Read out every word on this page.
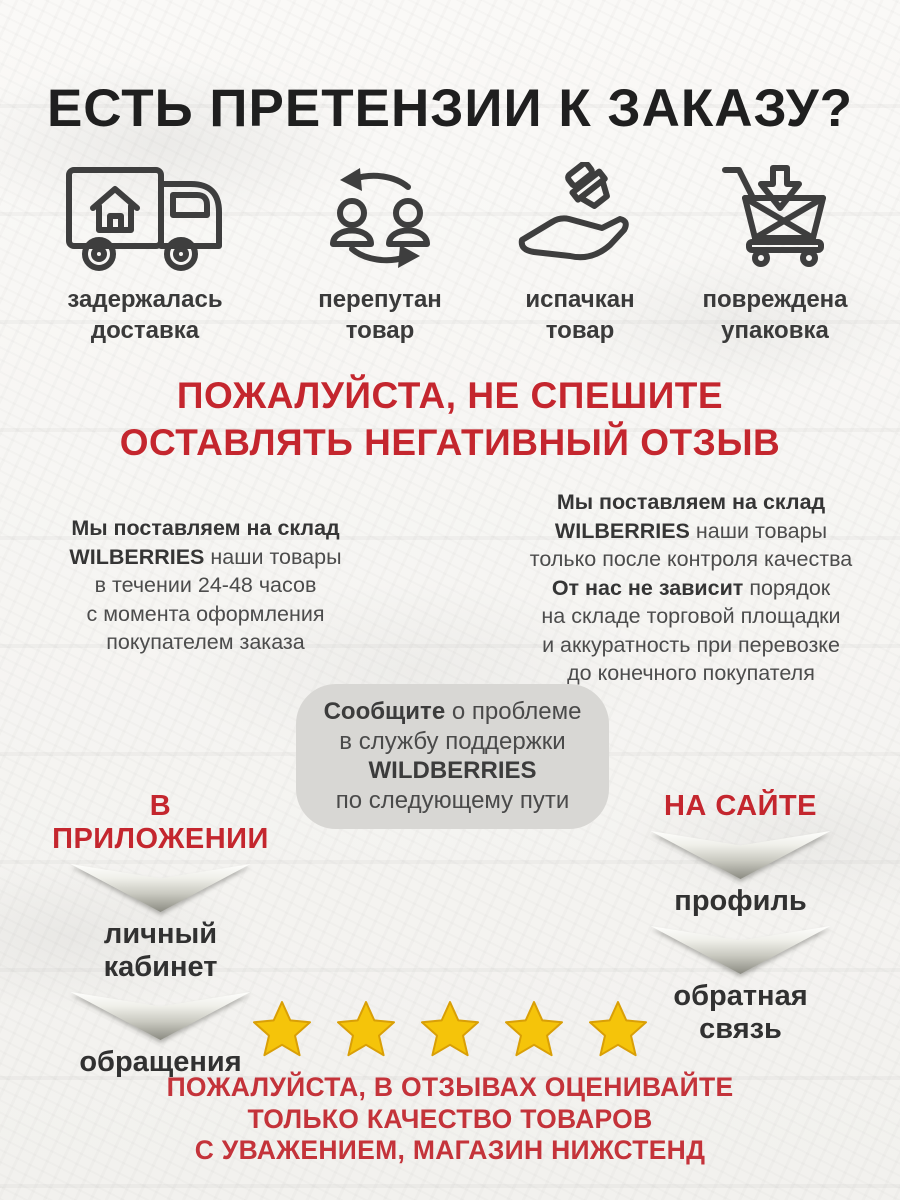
ЕСТЬ ПРЕТЕНЗИИ К ЗАКАЗУ?
задержалась
доставка
перепутан
товар
испачкан
товар
повреждена
упаковка
ПОЖАЛУЙСТА, НЕ СПЕШИТЕ
ОСТАВЛЯТЬ НЕГАТИВНЫЙ ОТЗЫВ
Мы поставляем на склад
WILBERRIES наши товары
в течении 24-48 часов
с момента оформления
покупателем заказа
Мы поставляем на склад
WILBERRIES наши товары
только после контроля качества
От нас не зависит порядок
на складе торговой площадки
и аккуратность при перевозке
до конечного покупателя
Сообщите о проблеме
в службу поддержки
WILDBERRIES
по следующему пути
В ПРИЛОЖЕНИИ
личный кабинет
обращения
НА САЙТЕ
профиль
обратная связь
ПОЖАЛУЙСТА, В ОТЗЫВАХ ОЦЕНИВАЙТЕ
ТОЛЬКО КАЧЕСТВО ТОВАРОВ
С УВАЖЕНИЕМ, МАГАЗИН НИЖСТЕНД
